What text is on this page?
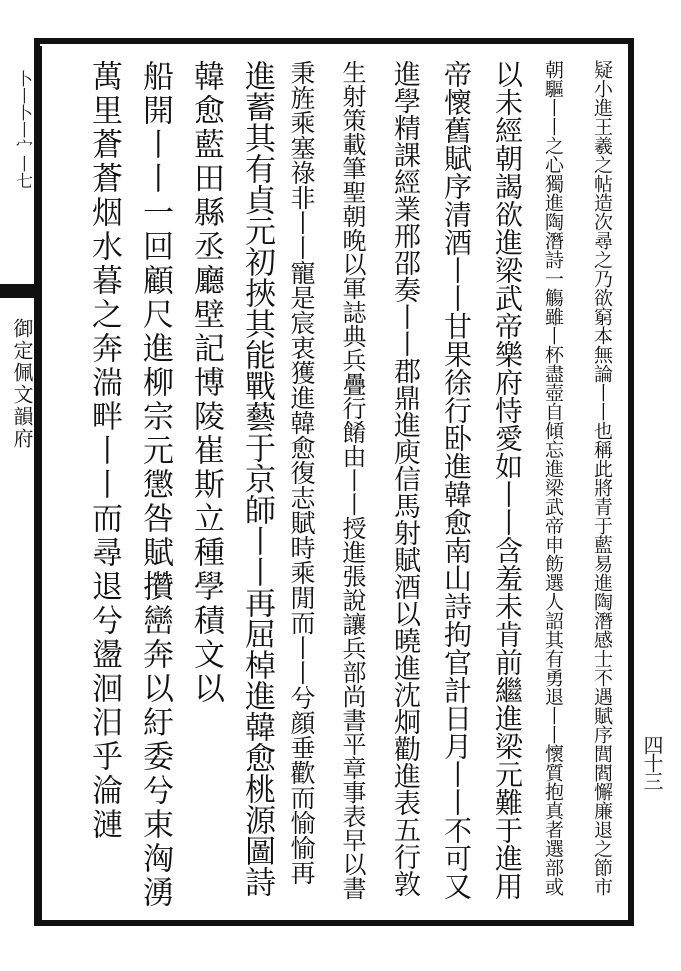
卜丨卜丨宀丨七
御定佩文韻府
四十三
疑小進王羲之帖造次尋之乃欲窮本無論丨丨也稱此將青于藍易進陶潛感士不遇賦序閭閻懈廉退之節市
朝驅丨丨之心獨進陶潛詩一觴雖丨杯盡壺自傾忘進梁武帝申飭選人詔其有勇退丨丨懷質抱真者選部或
以未經朝謁欲進梁武帝樂府恃愛如丨丨含羞未肯前繼進梁元難于進用
帝懷舊賦序清酒丨丨甘果徐行卧進韓愈南山詩拘官計日月丨丨不可又
進學精課經業邢邵奏丨丨郡鼎進庾信馬射賦酒以曉進沈炯勸進表五行敦
生射策載筆聖朝晚以軍誌典兵疊行餚由丨丨授進張說讓兵部尚書平章事表早以書
秉旌乘塞祿非丨丨寵是宸衷獲進韓愈復志賦時乘閒而丨丨兮顔垂歡而愉愉再
進蓄其有貞元初挾其能戰藝于京師丨丨再屈棹進韓愈桃源圖詩
韓愈藍田縣丞廳壁記博陵崔斯立種學積文以
船開丨丨一回顧尺進柳宗元懲咎賦攢巒奔以紆委兮束洶湧
萬里蒼蒼烟水暮之奔湍畔丨丨而尋退兮盪洄汨乎淪漣
